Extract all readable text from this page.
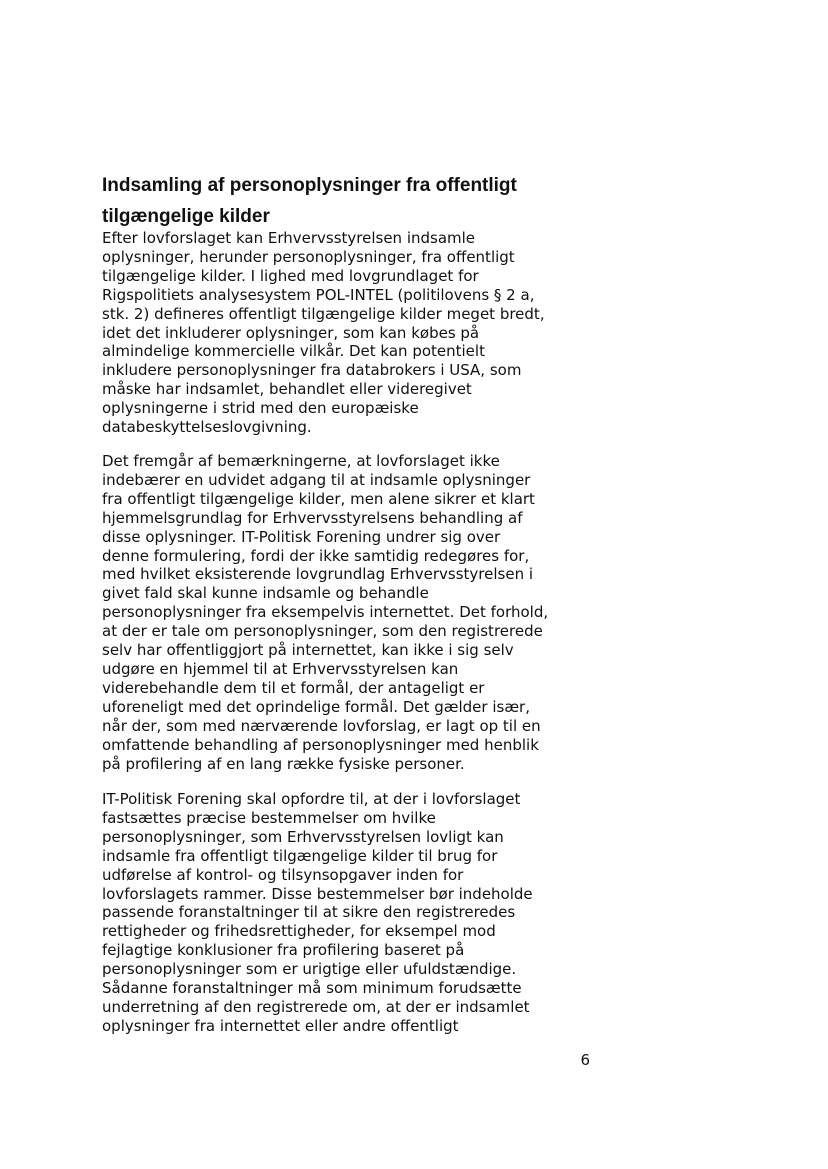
Indsamling af personoplysninger fra offentligt
tilgængelige kilder

Efter lovforslaget kan Erhvervsstyrelsen indsamle
oplysninger, herunder personoplysninger, fra offentligt
tilgængelige kilder. I lighed med lovgrundlaget for
Rigspolitiets analysesystem POL-INTEL (politilovens § 2 a,
stk. 2) defineres offentligt tilgængelige kilder meget bredt,
idet det inkluderer oplysninger, som kan købes på
almindelige kommercielle vilkår. Det kan potentielt
inkludere personoplysninger fra databrokers i USA, som
måske har indsamlet, behandlet eller videregivet
oplysningerne i strid med den europæiske
databeskyttelseslovgivning.

Det fremgår af bemærkningerne, at lovforslaget ikke
indebærer en udvidet adgang til at indsamle oplysninger
fra offentligt tilgængelige kilder, men alene sikrer et klart
hjemmelsgrundlag for Erhvervsstyrelsens behandling af
disse oplysninger. IT-Politisk Forening undrer sig over
denne formulering, fordi der ikke samtidig redegøres for,
med hvilket eksisterende lovgrundlag Erhvervsstyrelsen i
givet fald skal kunne indsamle og behandle
personoplysninger fra eksempelvis internettet. Det forhold,
at der er tale om personoplysninger, som den registrerede
selv har offentliggjort på internettet, kan ikke i sig selv
udgøre en hjemmel til at Erhvervsstyrelsen kan
viderebehandle dem til et formål, der antageligt er
uforeneligt med det oprindelige formål. Det gælder især,
når der, som med nærværende lovforslag, er lagt op til en
omfattende behandling af personoplysninger med henblik
på profilering af en lang række fysiske personer.

IT-Politisk Forening skal opfordre til, at der i lovforslaget
fastsættes præcise bestemmelser om hvilke
personoplysninger, som Erhvervsstyrelsen lovligt kan
indsamle fra offentligt tilgængelige kilder til brug for
udførelse af kontrol- og tilsynsopgaver inden for
lovforslagets rammer. Disse bestemmelser bør indeholde
passende foranstaltninger til at sikre den registreredes
rettigheder og frihedsrettigheder, for eksempel mod
fejlagtige konklusioner fra profilering baseret på
personoplysninger som er urigtige eller ufuldstændige.
Sådanne foranstaltninger må som minimum forudsætte
underretning af den registrerede om, at der er indsamlet
oplysninger fra internettet eller andre offentligt

6
